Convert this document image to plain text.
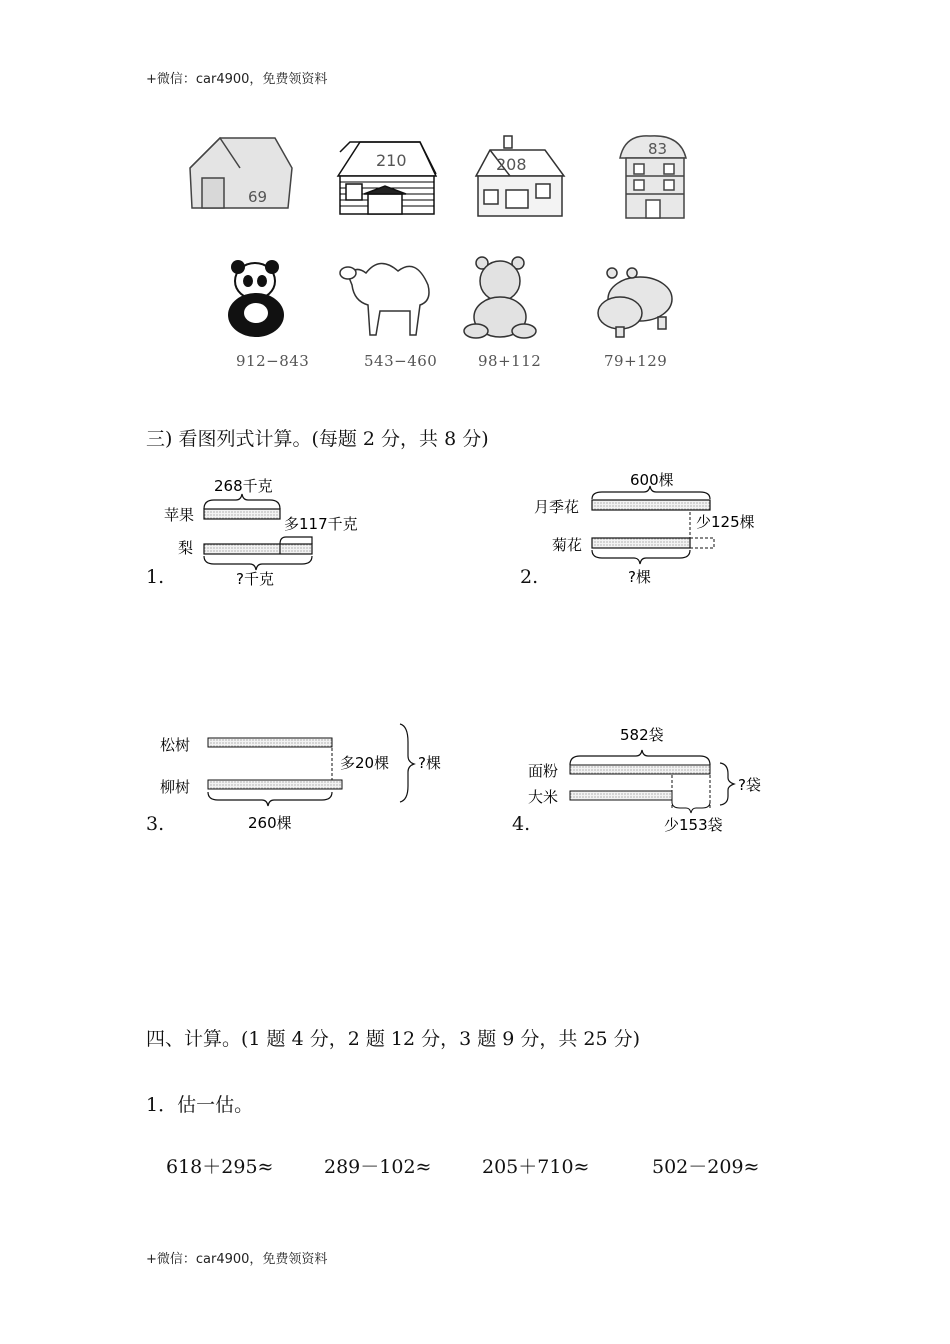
+微信：car4900，免费领资料
69
210	208
83
912−843	543−460	98+112	79+129
三) 看图列式计算。(每题 2 分，共 8 分)
268千克
苹果	多117千克
梨
?千克
600棵
月季花
少125棵
菊花
?棵
松树
多20棵 ?棵
柳树
260棵
582袋
面粉
大米
少153袋
?袋
1.	2.
3.	4.
四、计算。(1 题 4 分，2 题 12 分，3 题 9 分，共 25 分)
1．估一估。
618＋295≈	289－102≈	205＋710≈	502－209≈
+微信：car4900，免费领资料
